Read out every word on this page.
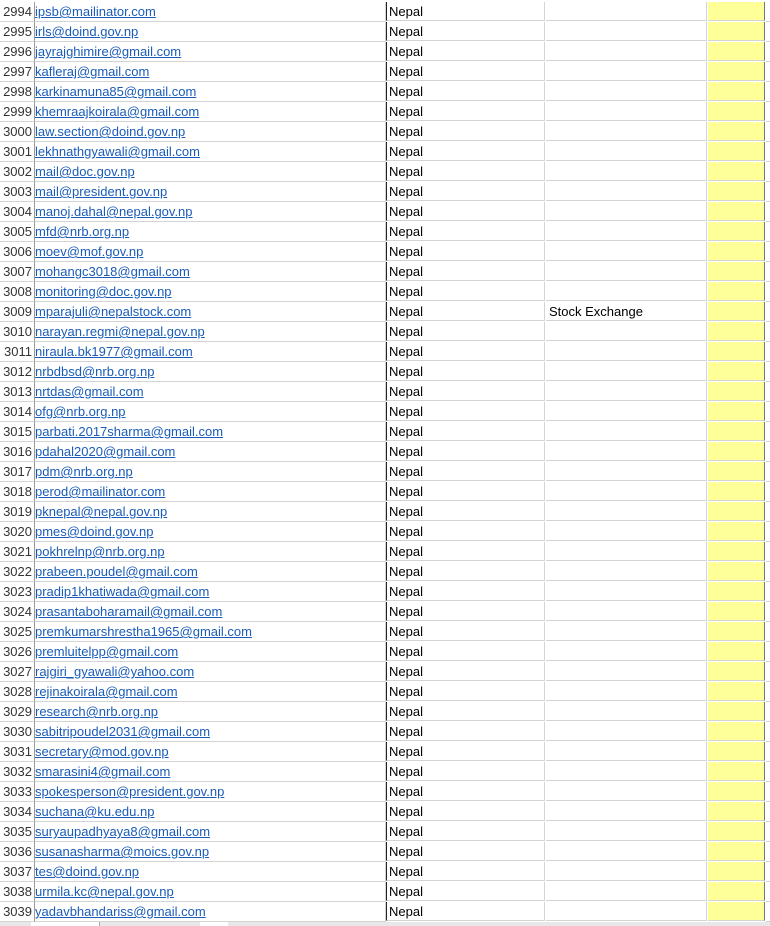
2994 ipsb@mailinator.com	Nepal
2995 irls@doind.gov.np	Nepal
2996 jayrajghimire@gmail.com	Nepal
2997 kafleraj@gmail.com	Nepal
2998 karkinamuna85@gmail.com	Nepal
2999 khemraajkoirala@gmail.com	Nepal
3000 law.section@doind.gov.np	Nepal
3001 lekhnathgyawali@gmail.com	Nepal
3002 mail@doc.gov.np	Nepal
3003 mail@president.gov.np	Nepal
3004 manoj.dahal@nepal.gov.np	Nepal
3005 mfd@nrb.org.np	Nepal
3006 moev@mof.gov.np	Nepal
3007 mohangc3018@gmail.com	Nepal
3008 monitoring@doc.gov.np	Nepal
3009 mparajuli@nepalstock.com	Nepal	Stock Exchange
3010 narayan.regmi@nepal.gov.np	Nepal
3011 niraula.bk1977@gmail.com	Nepal
3012 nrbdbsd@nrb.org.np	Nepal
3013 nrtdas@gmail.com	Nepal
3014 ofg@nrb.org.np	Nepal
3015 parbati.2017sharma@gmail.com	Nepal
3016 pdahal2020@gmail.com	Nepal
3017 pdm@nrb.org.np	Nepal
3018 perod@mailinator.com	Nepal
3019 pknepal@nepal.gov.np	Nepal
3020 pmes@doind.gov.np	Nepal
3021 pokhrelnp@nrb.org.np	Nepal
3022 prabeen.poudel@gmail.com	Nepal
3023 pradip1khatiwada@gmail.com	Nepal
3024 prasantaboharamail@gmail.com	Nepal
3025 premkumarshrestha1965@gmail.com	Nepal
3026 premluitelpp@gmail.com	Nepal
3027 rajgiri_gyawali@yahoo.com	Nepal
3028 rejinakoirala@gmail.com	Nepal
3029 research@nrb.org.np	Nepal
3030 sabitripoudel2031@gmail.com	Nepal
3031 secretary@mod.gov.np	Nepal
3032 smarasini4@gmail.com	Nepal
3033 spokesperson@president.gov.np	Nepal
3034 suchana@ku.edu.np	Nepal
3035 suryaupadhyaya8@gmail.com	Nepal
3036 susanasharma@moics.gov.np	Nepal
3037 tes@doind.gov.np	Nepal
3038 urmila.kc@nepal.gov.np	Nepal
3039 yadavbhandariss@gmail.com	Nepal
